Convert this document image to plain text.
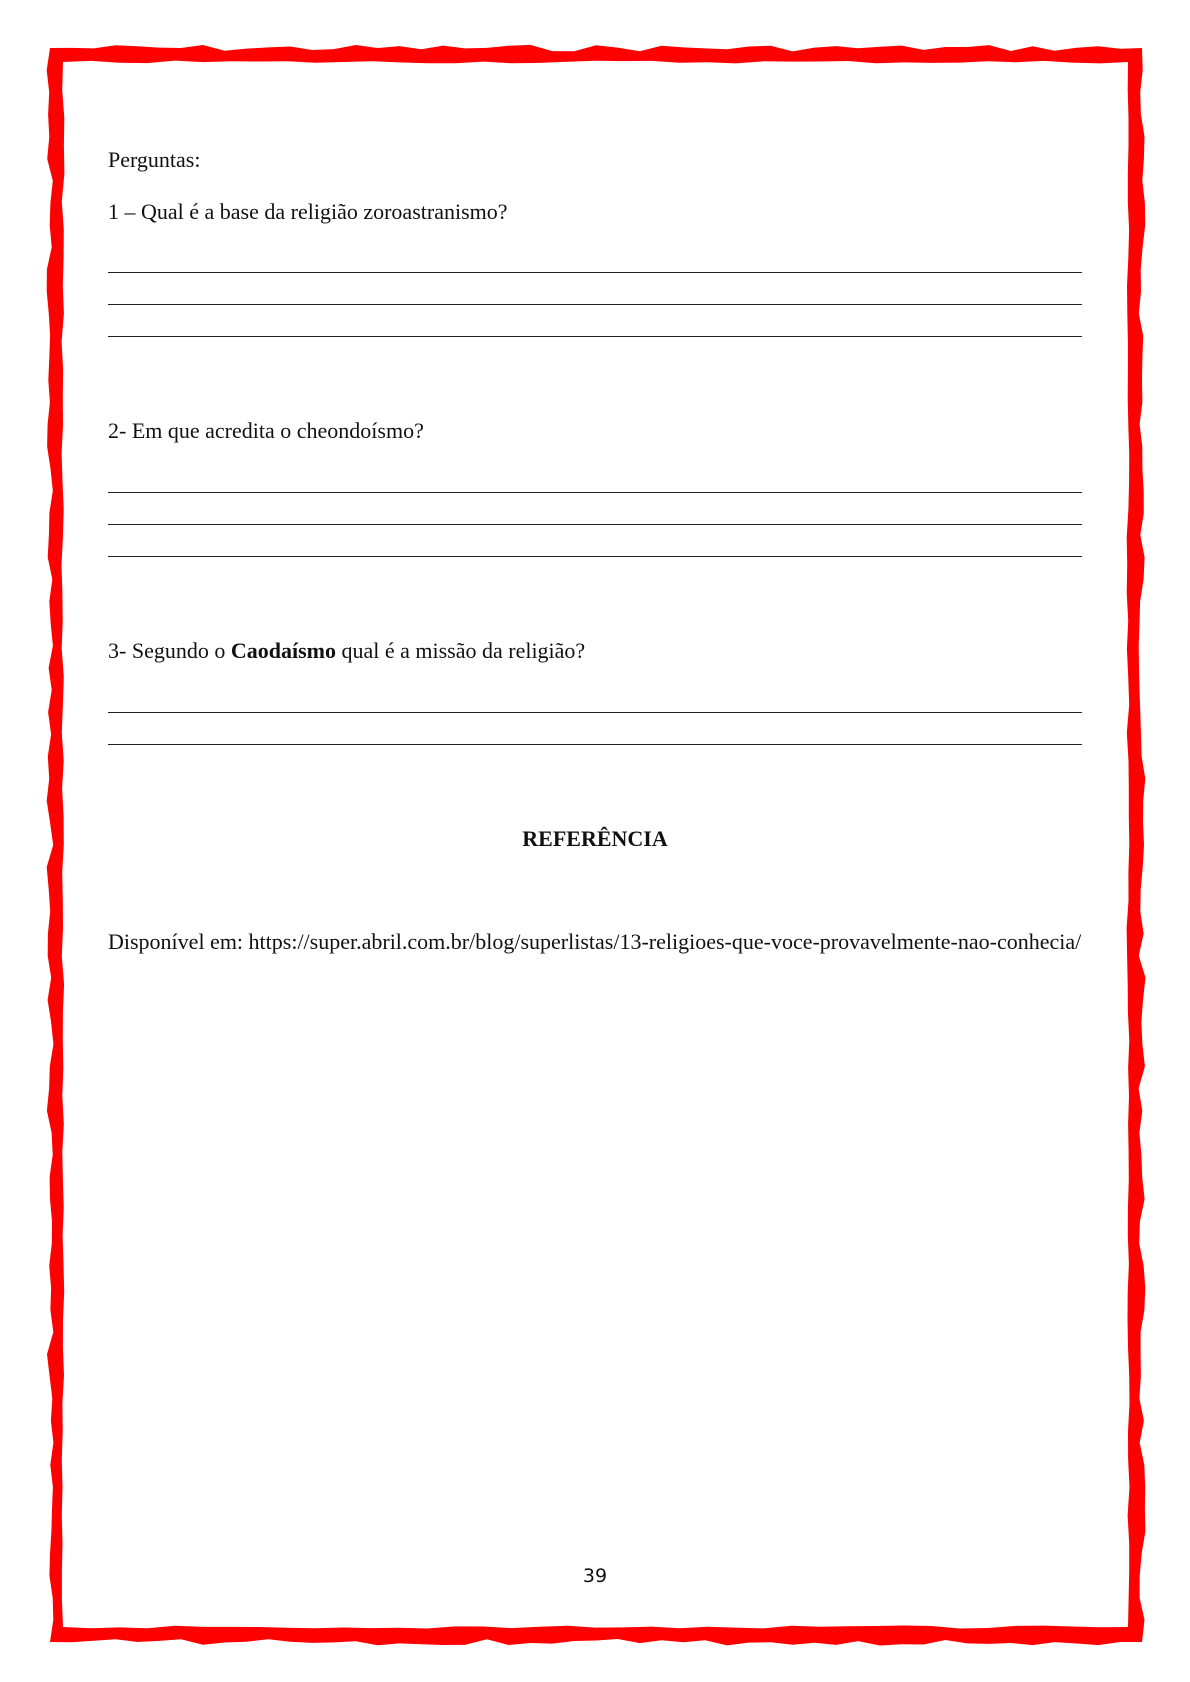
Perguntas:
1 – Qual é a base da religião zoroastranismo?
2- Em que acredita o cheondoísmo?
3- Segundo o Caodaísmo qual é a missão da religião?
REFERÊNCIA
Disponível em: https://super.abril.com.br/blog/superlistas/13-religioes-que-voce-provavelmente-nao-conhecia/
39
